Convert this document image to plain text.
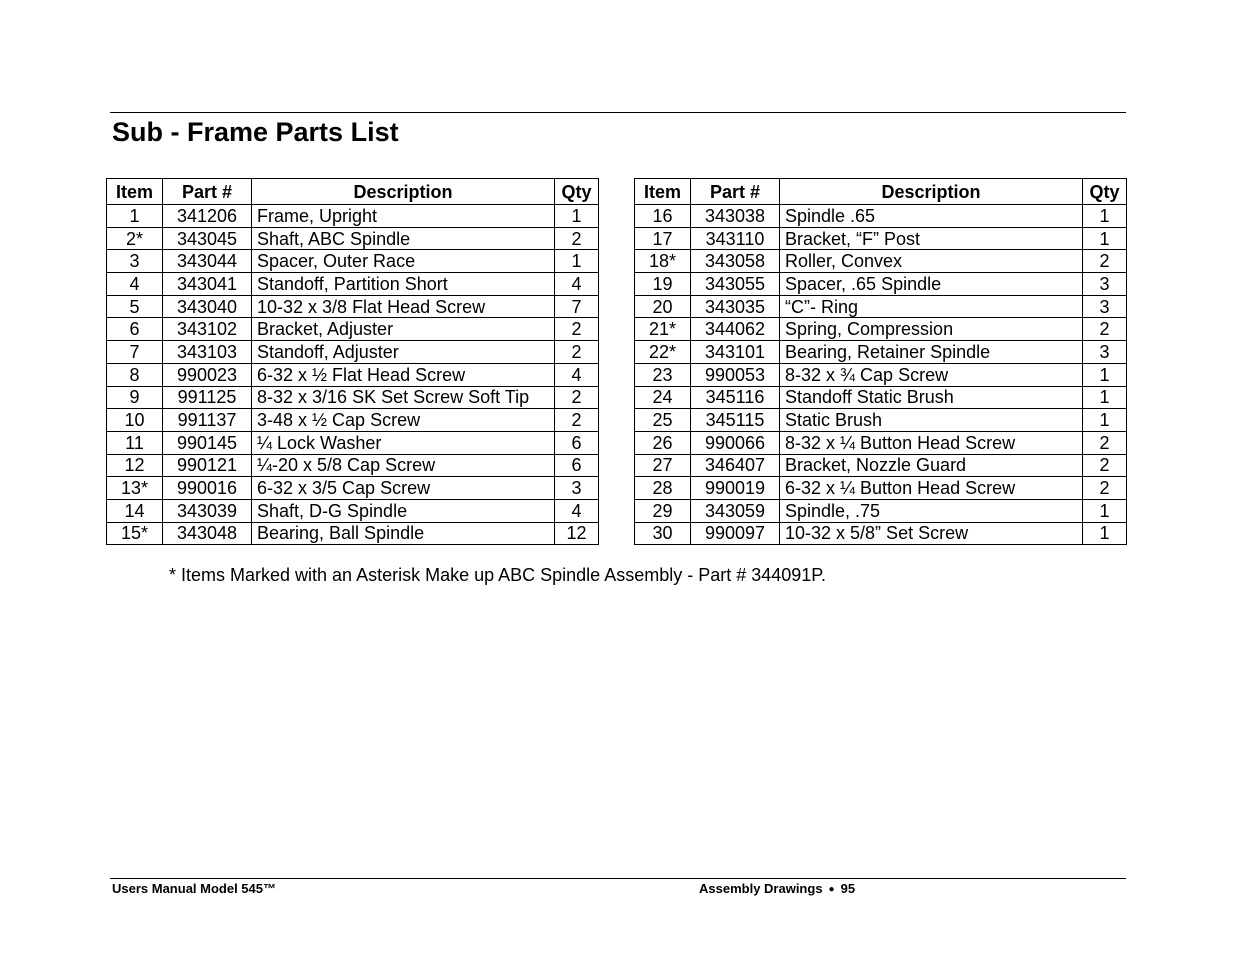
Sub - Frame Parts List
Item	Part #	Description	Qty
1	341206	Frame, Upright	1
2*	343045	Shaft, ABC Spindle	2
3	343044	Spacer, Outer Race	1
4	343041	Standoff, Partition Short	4
5	343040	10-32 x 3/8 Flat Head Screw	7
6	343102	Bracket, Adjuster	2
7	343103	Standoff, Adjuster	2
8	990023	6-32 x ½ Flat Head Screw	4
9	991125	8-32 x 3/16 SK Set Screw Soft Tip	2
10	991137	3-48 x ½ Cap Screw	2
11	990145	¼ Lock Washer	6
12	990121	¼-20 x 5/8 Cap Screw	6
13*	990016	6-32 x 3/5 Cap Screw	3
14	343039	Shaft, D-G Spindle	4
15*	343048	Bearing, Ball Spindle	12
Item	Part #	Description	Qty
16	343038	Spindle .65	1
17	343110	Bracket, “F” Post	1
18*	343058	Roller, Convex	2
19	343055	Spacer, .65 Spindle	3
20	343035	“C”- Ring	3
21*	344062	Spring, Compression	2
22*	343101	Bearing, Retainer Spindle	3
23	990053	8-32 x ¾ Cap Screw	1
24	345116	Standoff Static Brush	1
25	345115	Static Brush	1
26	990066	8-32 x ¼ Button Head Screw	2
27	346407	Bracket, Nozzle Guard	2
28	990019	6-32 x ¼ Button Head Screw	2
29	343059	Spindle, .75	1
30	990097	10-32 x 5/8” Set Screw	1
* Items Marked with an Asterisk Make up ABC Spindle Assembly - Part # 344091P.
Users Manual Model 545™	Assembly Drawings ● 95
